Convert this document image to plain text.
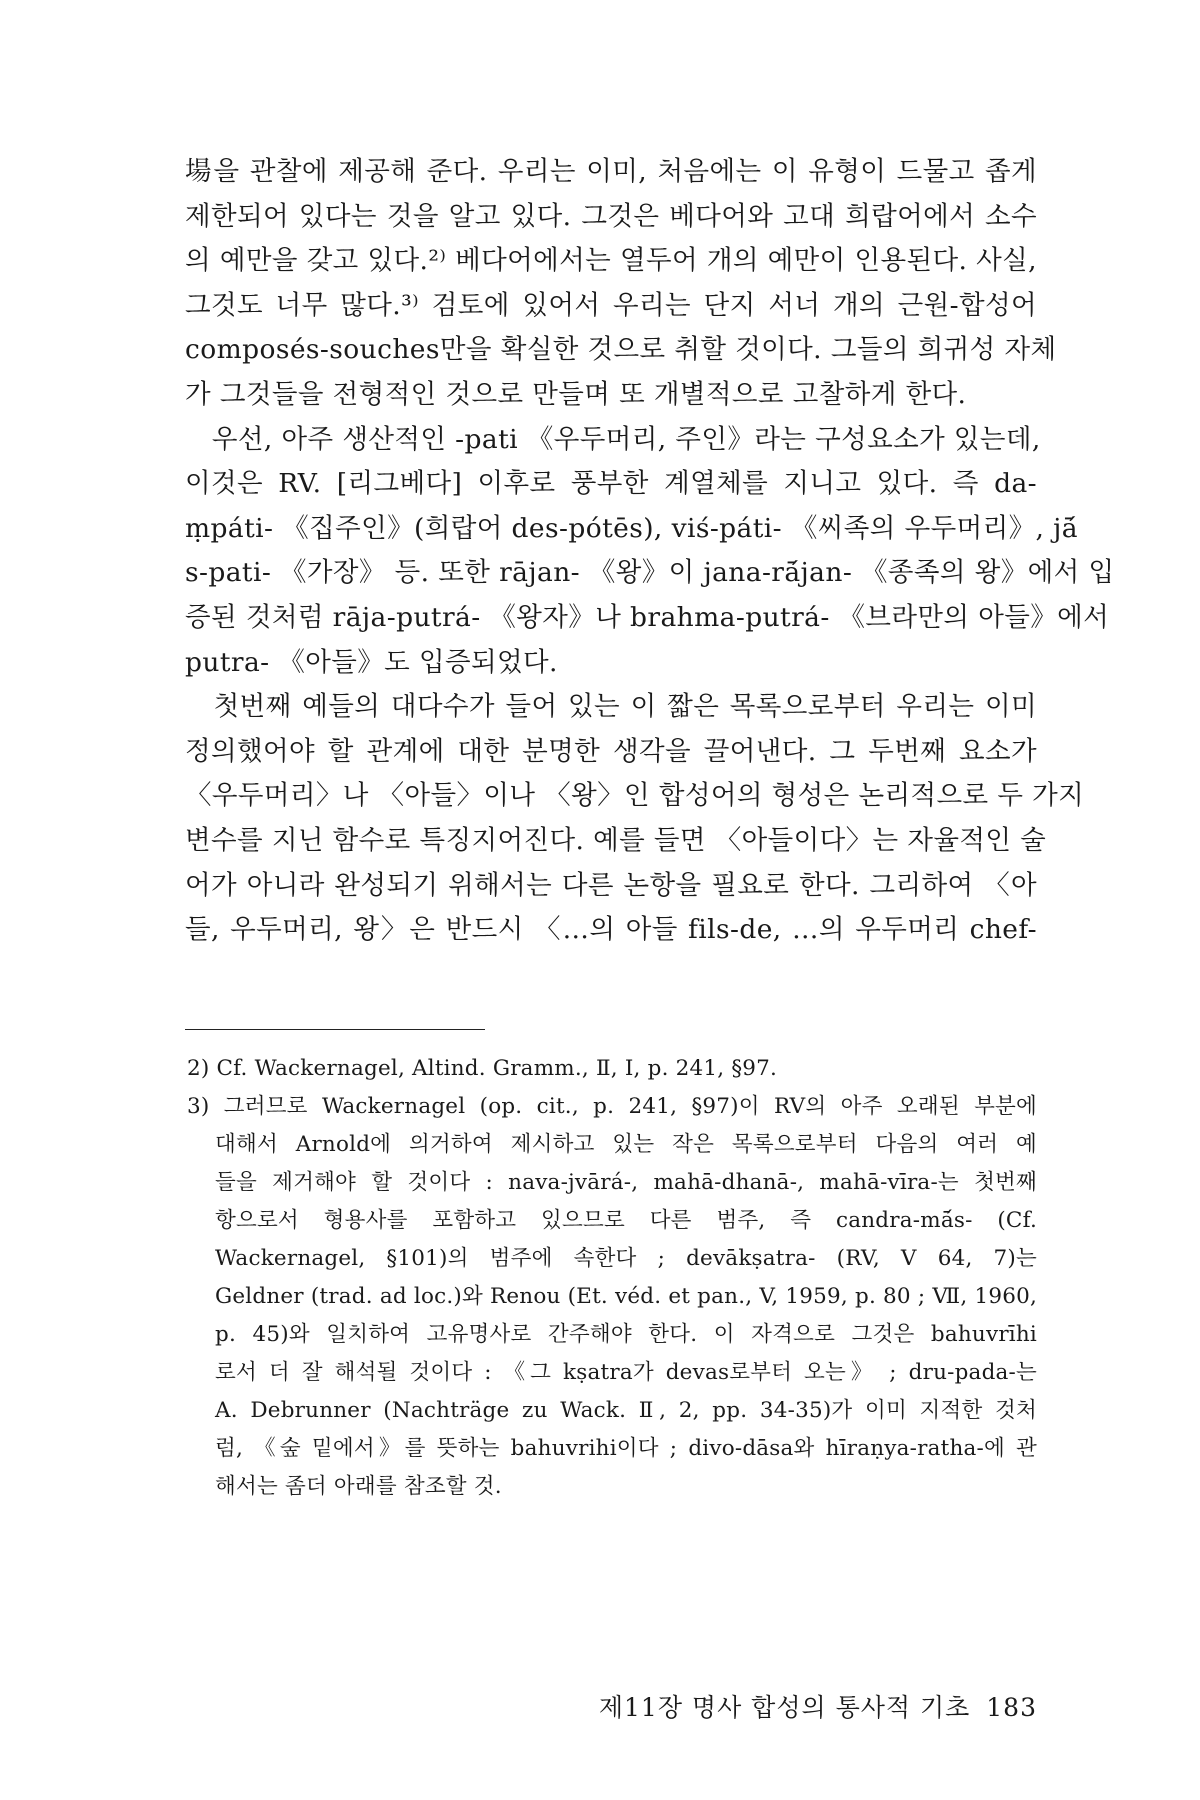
場을 관찰에 제공해 준다. 우리는 이미, 처음에는 이 유형이 드물고 좁게
제한되어 있다는 것을 알고 있다. 그것은 베다어와 고대 희랍어에서 소수
의 예만을 갖고 있다.²⁾ 베다어에서는 열두어 개의 예만이 인용된다. 사실,
그것도 너무 많다.³⁾ 검토에 있어서 우리는 단지 서너 개의 근원-합성어
composés-souches만을 확실한 것으로 취할 것이다. 그들의 희귀성 자체
가 그것들을 전형적인 것으로 만들며 또 개별적으로 고찰하게 한다.
　우선, 아주 생산적인 -pati 《우두머리, 주인》라는 구성요소가 있는데,
이것은 RV. [리그베다] 이후로 풍부한 계열체를 지니고 있다. 즉 da-
ṃpáti- 《집주인》(희랍어 des-pótēs), viś-páti- 《씨족의 우두머리》, jā́
s-pati- 《가장》 등. 또한 rājan- 《왕》이 jana-rā́jan- 《종족의 왕》에서 입
증된 것처럼 rāja-putrá- 《왕자》나 brahma-putrá- 《브라만의 아들》에서
putra- 《아들》도 입증되었다.
　첫번째 예들의 대다수가 들어 있는 이 짧은 목록으로부터 우리는 이미
정의했어야 할 관계에 대한 분명한 생각을 끌어낸다. 그 두번째 요소가
〈우두머리〉나 〈아들〉이나 〈왕〉인 합성어의 형성은 논리적으로 두 가지
변수를 지닌 함수로 특징지어진다. 예를 들면 〈아들이다〉는 자율적인 술
어가 아니라 완성되기 위해서는 다른 논항을 필요로 한다. 그리하여 〈아
들, 우두머리, 왕〉은 반드시 〈…의 아들 fils-de, …의 우두머리 chef-
2) Cf. Wackernagel, Altind. Gramm., Ⅱ, Ⅰ, p. 241, §97.
3) 그러므로 Wackernagel (op. cit., p. 241, §97)이 RV의 아주 오래된 부분에
대해서 Arnold에 의거하여 제시하고 있는 작은 목록으로부터 다음의 여러 예
들을 제거해야 할 것이다 : nava-jvārá-, mahā-dhanā-, mahā-vīra-는 첫번째
항으로서 형용사를 포함하고 있으므로 다른 범주, 즉 candra-mā́s- (Cf.
Wackernagel, §101)의 범주에 속한다 ; devākṣatra- (RV, V 64, 7)는
Geldner (trad. ad loc.)와 Renou (Et. véd. et pan., V, 1959, p. 80 ; Ⅶ, 1960,
p. 45)와 일치하여 고유명사로 간주해야 한다. 이 자격으로 그것은 bahuvrīhi
로서 더 잘 해석될 것이다 : 《그 kṣatra가 devas로부터 오는》 ; dru-pada-는
A. Debrunner (Nachträge zu Wack. Ⅱ, 2, pp. 34-35)가 이미 지적한 것처
럼, 《숲 밑에서》를 뜻하는 bahuvrihi이다 ; divo-dāsa와 hīraṇya-ratha-에 관
해서는 좀더 아래를 참조할 것.
제11장 명사 합성의 통사적 기초 183
